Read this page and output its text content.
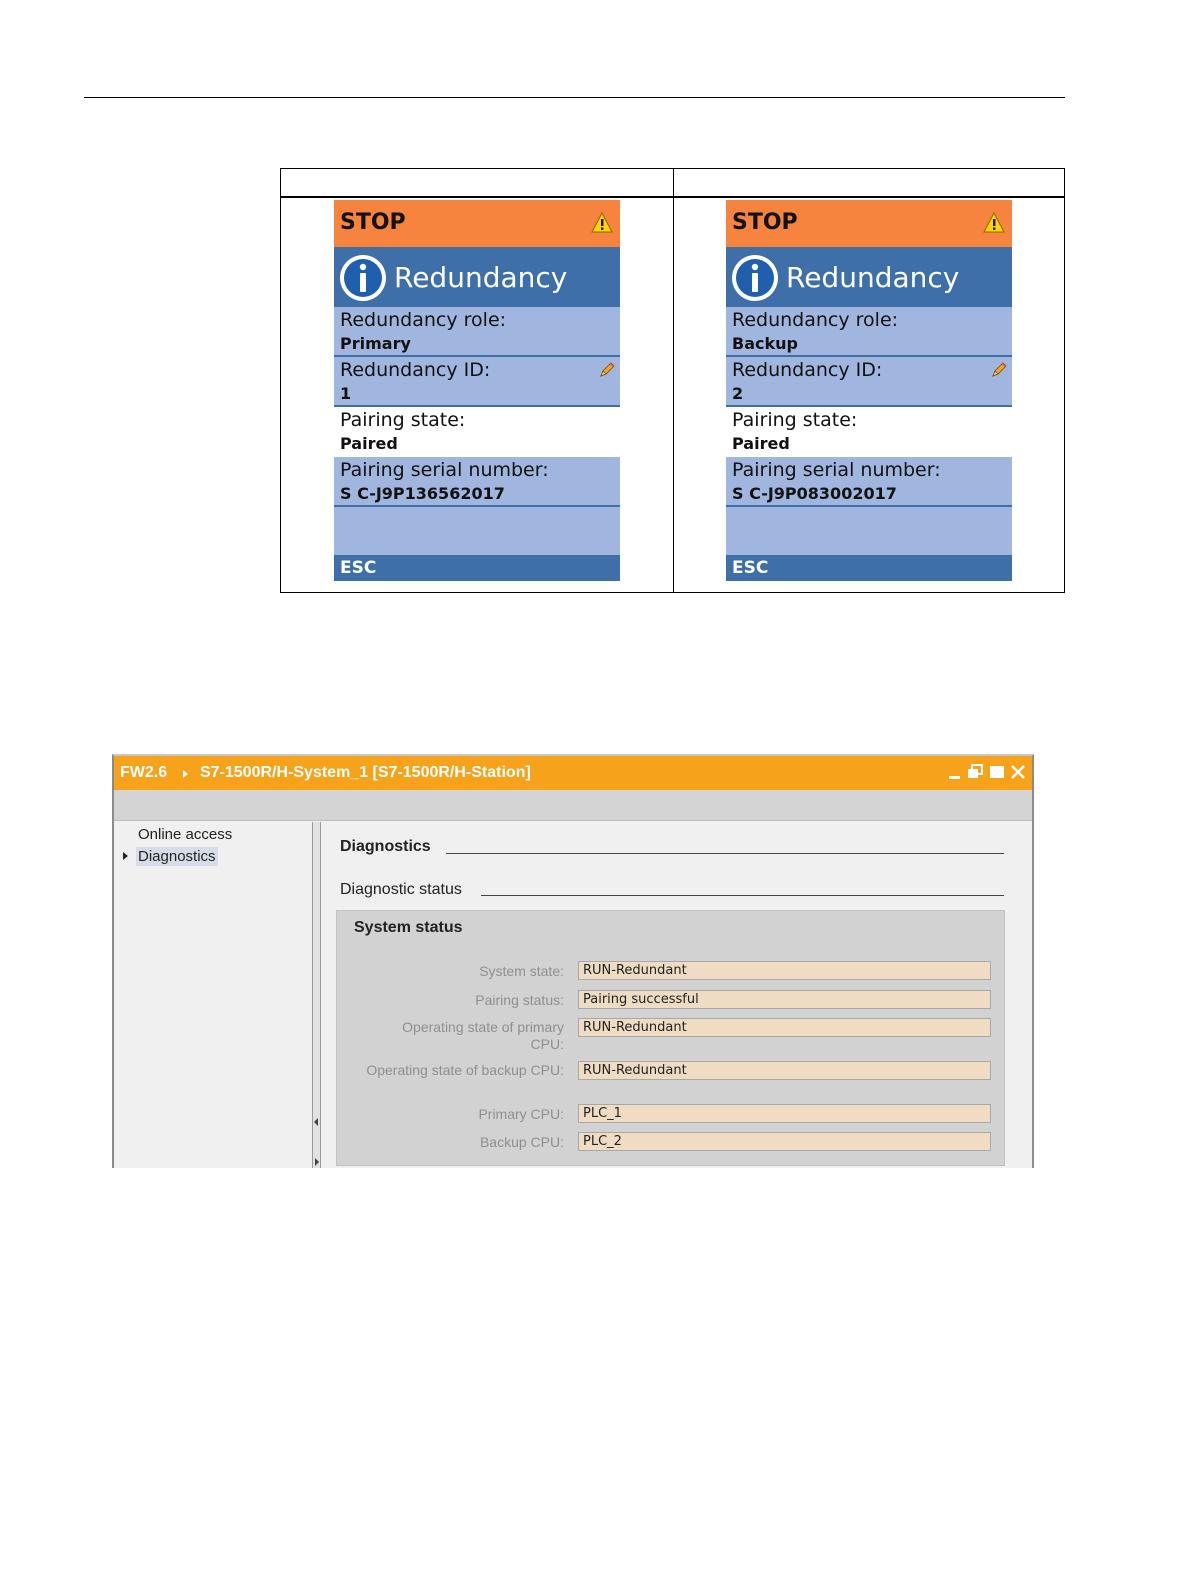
STOP
Redundancy
Redundancy role:
Primary
Redundancy ID:
1
Pairing state:
Paired
Pairing serial number:
S C-J9P136562017
ESC
STOP
Redundancy
Redundancy role:
Backup
Redundancy ID:
2
Pairing state:
Paired
Pairing serial number:
S C-J9P083002017
ESC
FW2.6 S7-1500R/H-System_1 [S7-1500R/H-Station]
Online access
Diagnostics
Diagnostics
Diagnostic status
System status
System state:	RUN-Redundant
Pairing status:	Pairing successful
Operating state of primary CPU:
RUN-Redundant
Operating state of backup CPU:	RUN-Redundant
Primary CPU:	PLC_1
Backup CPU:	PLC_2
